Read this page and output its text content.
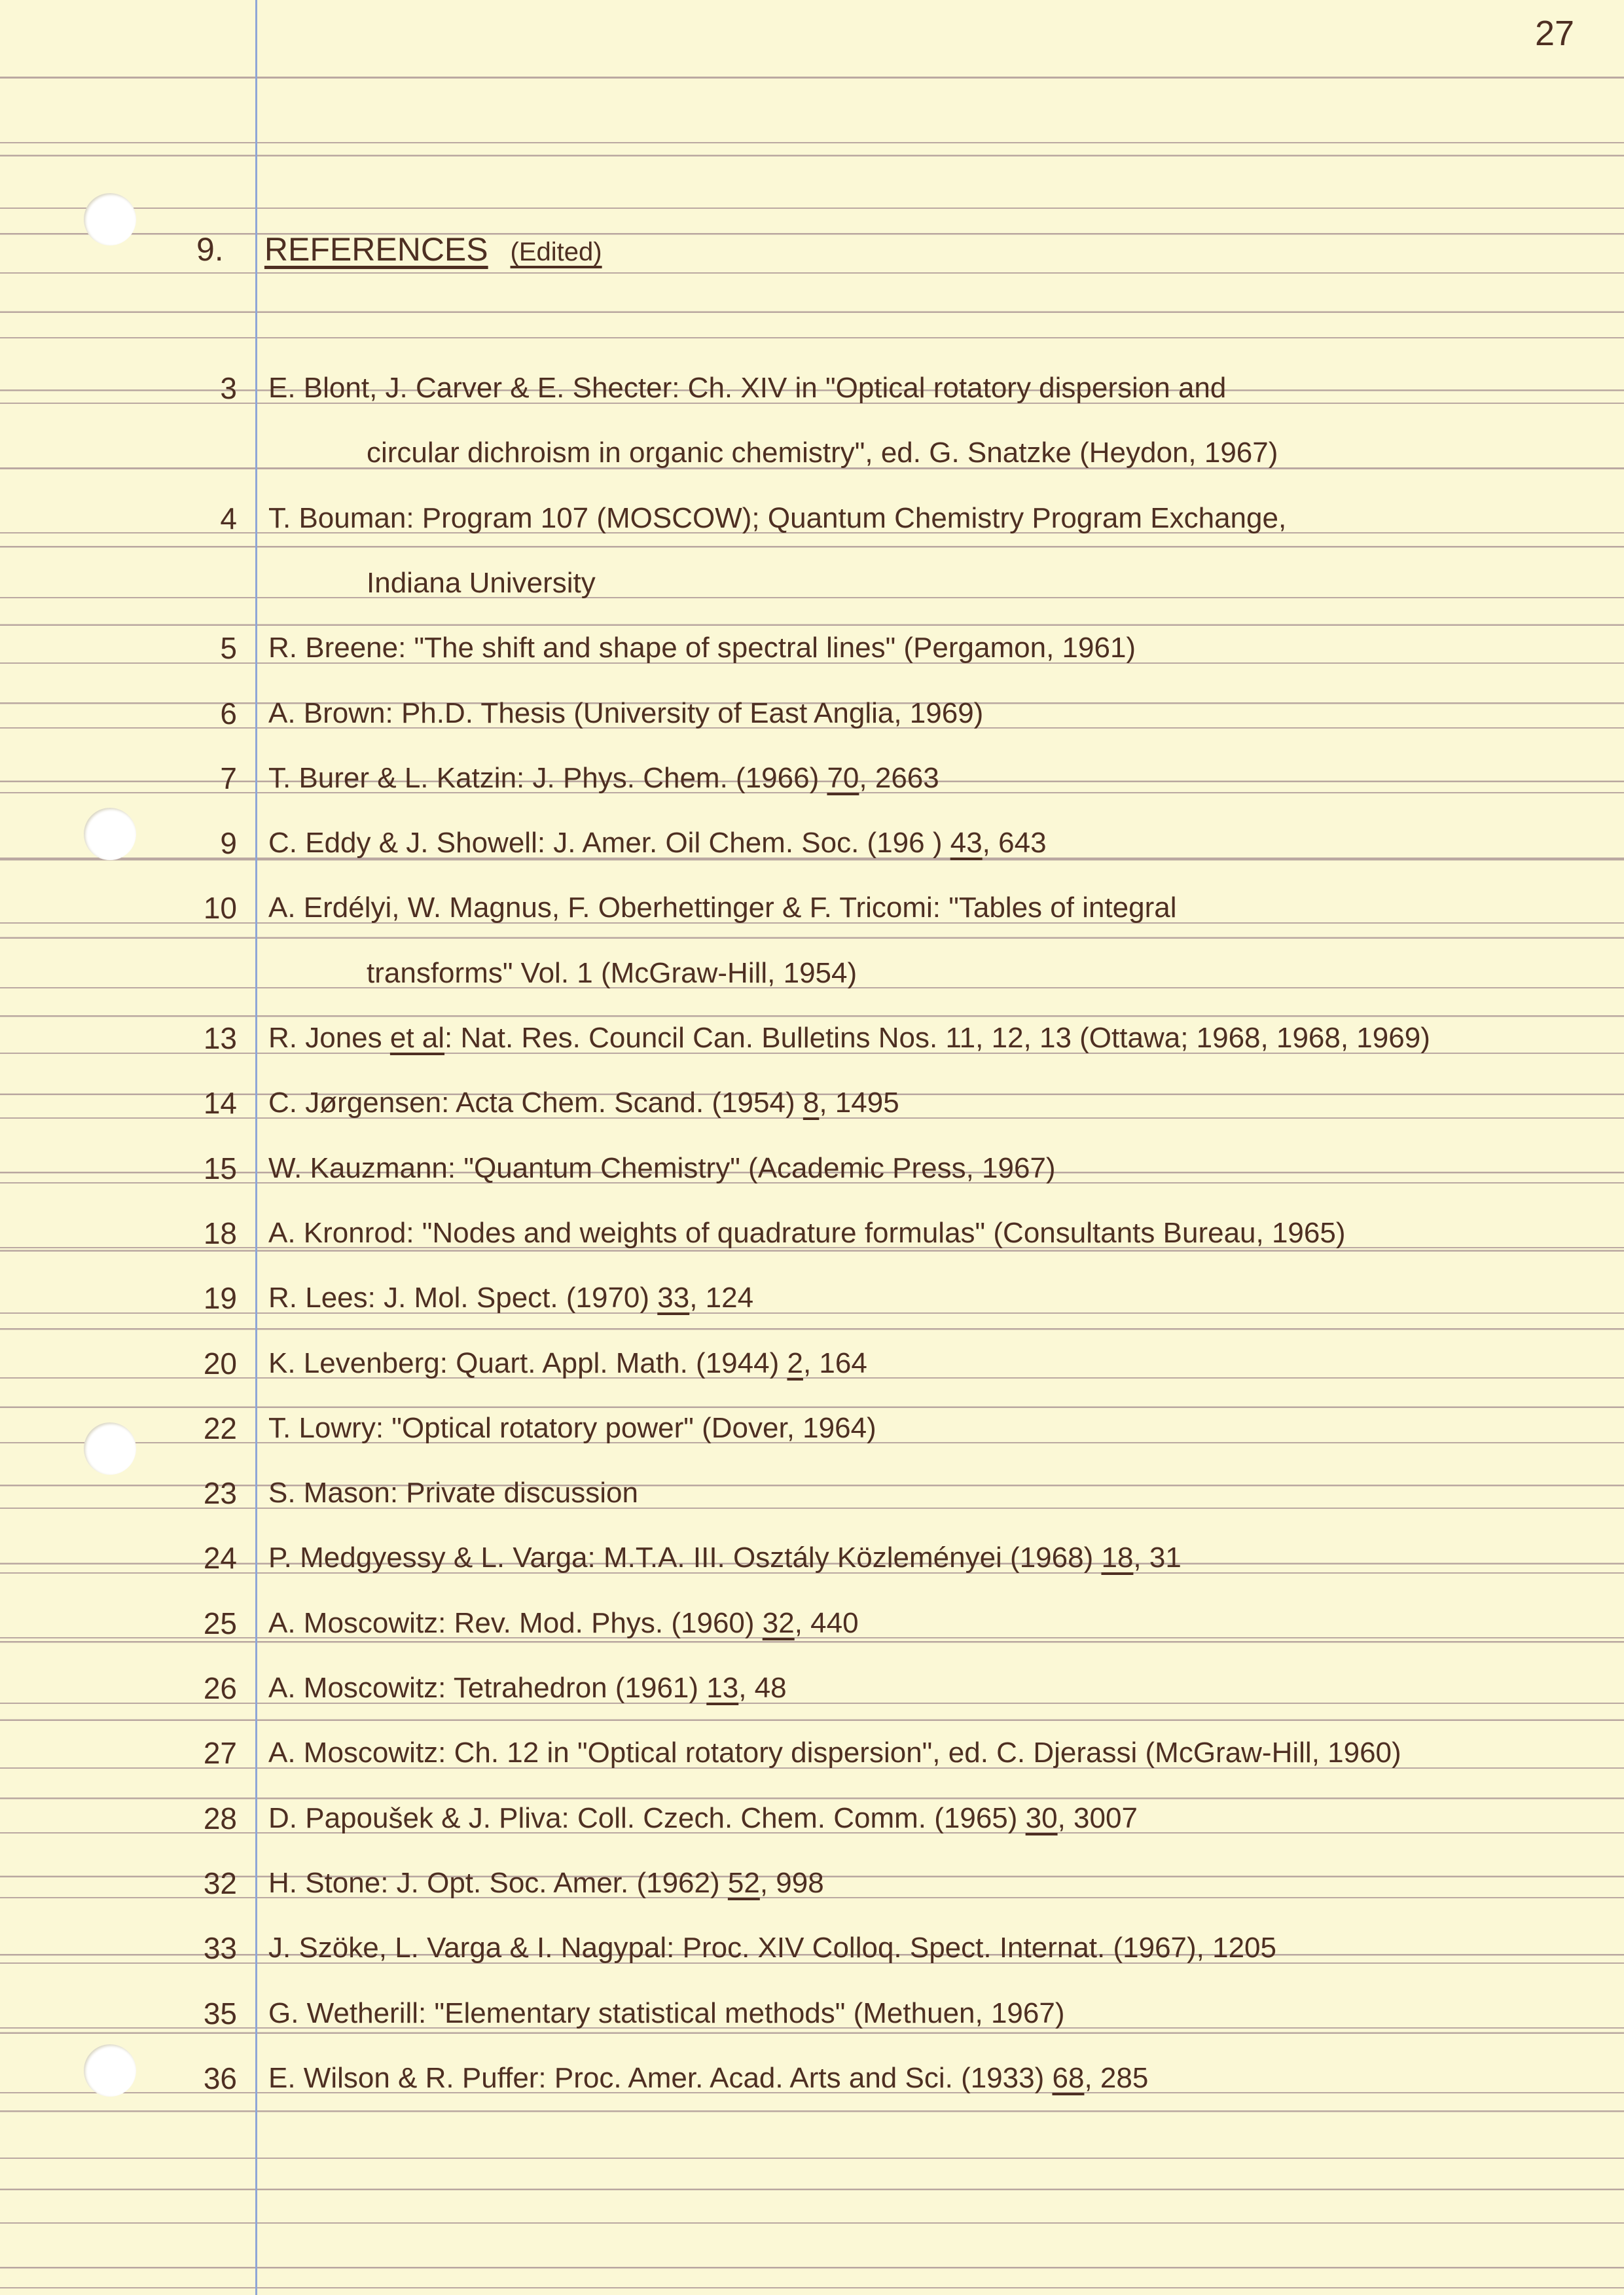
27
9. REFERENCES (Edited)
3 E. Blont, J. Carver & E. Shecter: Ch. XIV in "Optical rotatory dispersion and
circular dichroism in organic chemistry", ed. G. Snatzke (Heydon, 1967)
4 T. Bouman: Program 107 (MOSCOW); Quantum Chemistry Program Exchange,
Indiana University
5 R. Breene: "The shift and shape of spectral lines" (Pergamon, 1961)
6 A. Brown: Ph.D. Thesis (University of East Anglia, 1969)
7 T. Burer & L. Katzin: J. Phys. Chem. (1966) 70, 2663
9 C. Eddy & J. Showell: J. Amer. Oil Chem. Soc. (196 ) 43, 643
10 A. Erdélyi, W. Magnus, F. Oberhettinger & F. Tricomi: "Tables of integral
transforms" Vol. 1 (McGraw-Hill, 1954)
13 R. Jones et al: Nat. Res. Council Can. Bulletins Nos. 11, 12, 13 (Ottawa; 1968, 1968, 1969)
14 C. Jørgensen: Acta Chem. Scand. (1954) 8, 1495
15 W. Kauzmann: "Quantum Chemistry" (Academic Press, 1967)
18 A. Kronrod: "Nodes and weights of quadrature formulas" (Consultants Bureau, 1965)
19 R. Lees: J. Mol. Spect. (1970) 33, 124
20 K. Levenberg: Quart. Appl. Math. (1944) 2, 164
22 T. Lowry: "Optical rotatory power" (Dover, 1964)
23 S. Mason: Private discussion
24 P. Medgyessy & L. Varga: M.T.A. III. Osztály Közleményei (1968) 18, 31
25 A. Moscowitz: Rev. Mod. Phys. (1960) 32, 440
26 A. Moscowitz: Tetrahedron (1961) 13, 48
27 A. Moscowitz: Ch. 12 in "Optical rotatory dispersion", ed. C. Djerassi (McGraw-Hill, 1960)
28 D. Papoušek & J. Pliva: Coll. Czech. Chem. Comm. (1965) 30, 3007
32 H. Stone: J. Opt. Soc. Amer. (1962) 52, 998
33 J. Szöke, L. Varga & I. Nagypal: Proc. XIV Colloq. Spect. Internat. (1967), 1205
35 G. Wetherill: "Elementary statistical methods" (Methuen, 1967)
36 E. Wilson & R. Puffer: Proc. Amer. Acad. Arts and Sci. (1933) 68, 285
